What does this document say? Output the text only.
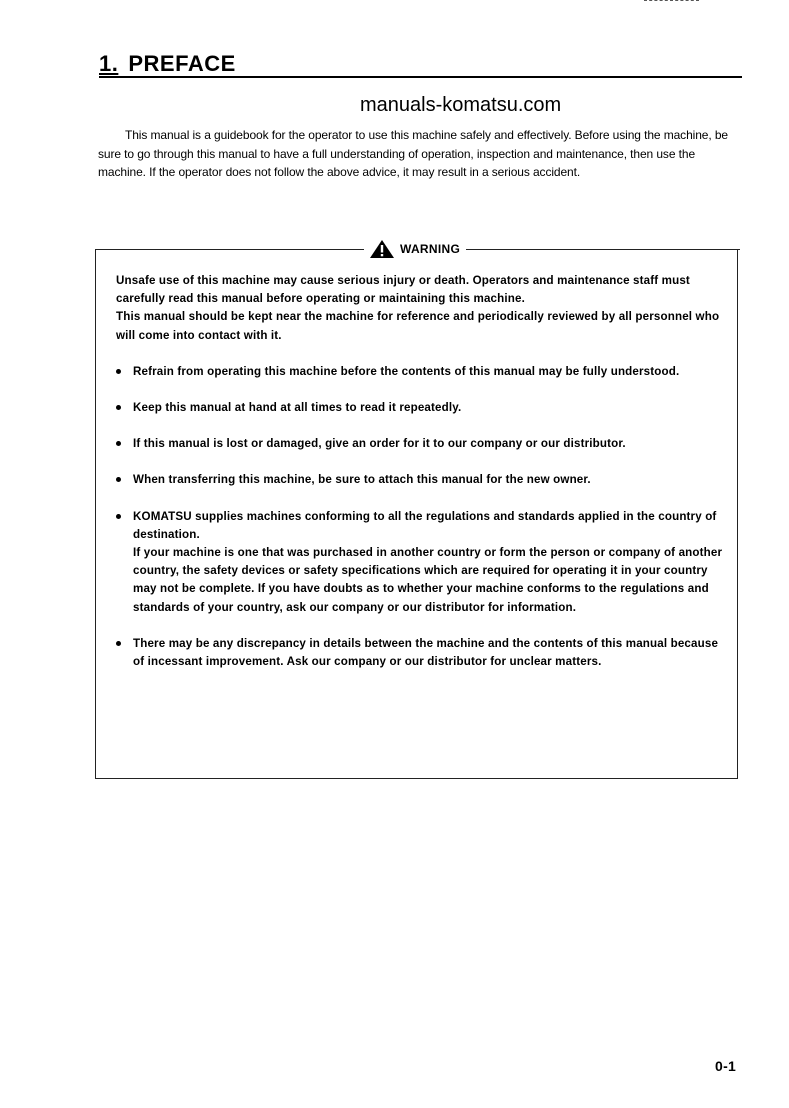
1. PREFACE
manuals-komatsu.com

This manual is a guidebook for the operator to use this machine safely and effectively. Before using the machine, be sure to go through this manual to have a full understanding of operation, inspection and maintenance, then use the machine. If the operator does not follow the above advice, it may result in a serious accident.

WARNING

Unsafe use of this machine may cause serious injury or death. Operators and maintenance staff must carefully read this manual before operating or maintaining this machine.

This manual should be kept near the machine for reference and periodically reviewed by all personnel who will come into contact with it.

Refrain from operating this machine before the contents of this manual may be fully understood.
Keep this manual at hand at all times to read it repeatedly.
If this manual is lost or damaged, give an order for it to our company or our distributor.
When transferring this machine, be sure to attach this manual for the new owner.
KOMATSU supplies machines conforming to all the regulations and standards applied in the country of destination.
If your machine is one that was purchased in another country or form the person or company of another country, the safety devices or safety specifications which are required for operating it in your country may not be complete. If you have doubts as to whether your machine conforms to the regulations and standards of your country, ask our company or our distributor for information.
There may be any discrepancy in details between the machine and the contents of this manual because of incessant improvement. Ask our company or our distributor for unclear matters.
0-1
